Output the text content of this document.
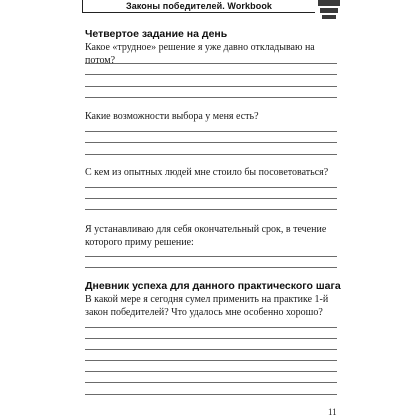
Законы победителей. Workbook
Четвертое задание на день
Какое «трудное» решение я уже давно откладываю на потом?
Какие возможности выбора у меня есть?
С кем из опытных людей мне стоило бы посоветоваться?
Я устанавливаю для себя окончательный срок, в течение которого приму решение:
Дневник успеха для данного практического шага
В какой мере я сегодня сумел применить на практике 1-й закон победителей? Что удалось мне особенно хорошо?
11
